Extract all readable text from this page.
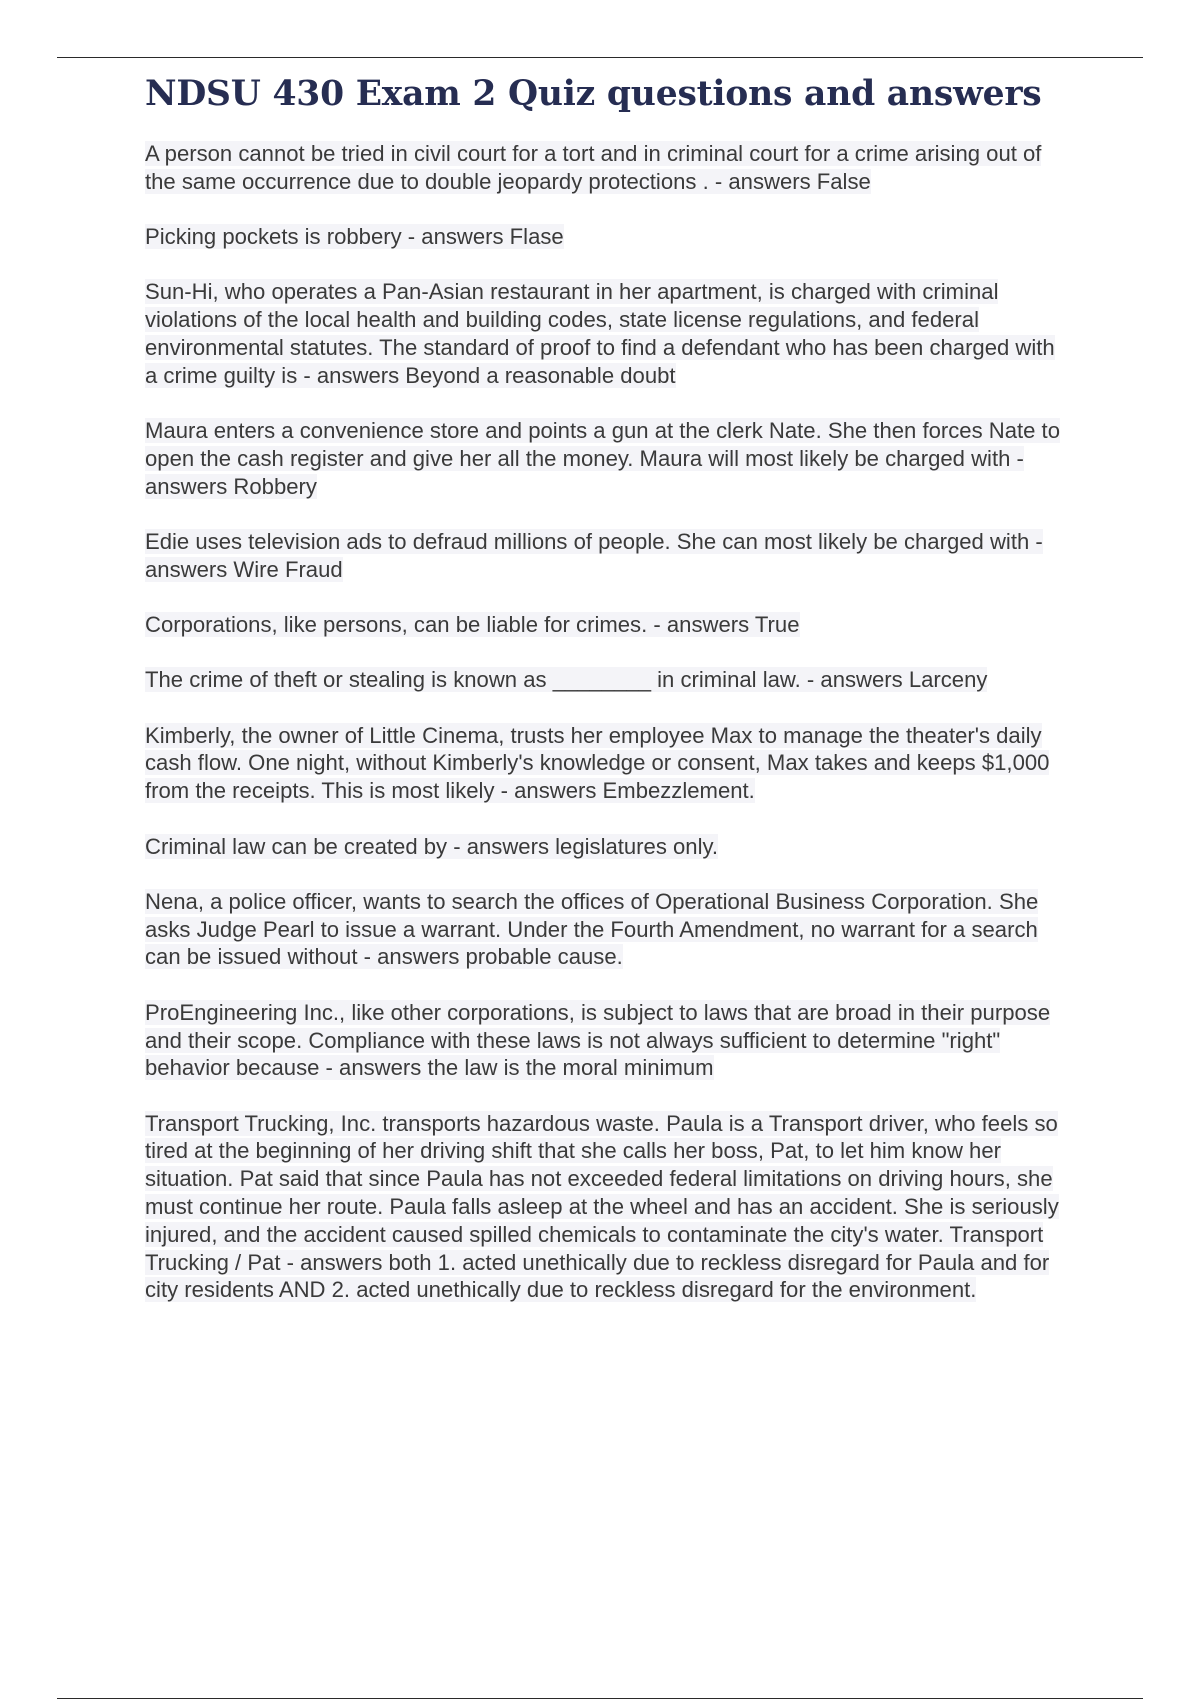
NDSU 430 Exam 2 Quiz questions and answers
A person cannot be tried in civil court for a tort and in criminal court for a crime arising out of the same occurrence due to double jeopardy protections . - answers False
Picking pockets is robbery - answers Flase
Sun-Hi, who operates a Pan-Asian restaurant in her apartment, is charged with criminal violations of the local health and building codes, state license regulations, and federal environmental statutes. The standard of proof to find a defendant who has been charged with a crime guilty is - answers Beyond a reasonable doubt
Maura enters a convenience store and points a gun at the clerk Nate. She then forces Nate to open the cash register and give her all the money. Maura will most likely be charged with - answers Robbery
Edie uses television ads to defraud millions of people. She can most likely be charged with - answers Wire Fraud
Corporations, like persons, can be liable for crimes. - answers True
The crime of theft or stealing is known as ________ in criminal law. - answers Larceny
Kimberly, the owner of Little Cinema, trusts her employee Max to manage the theater's daily cash flow. One night, without Kimberly's knowledge or consent, Max takes and keeps $1,000 from the receipts. This is most likely - answers Embezzlement.
Criminal law can be created by - answers legislatures only.
Nena, a police officer, wants to search the offices of Operational Business Corporation. She asks Judge Pearl to issue a warrant. Under the Fourth Amendment, no warrant for a search can be issued without - answers probable cause.
ProEngineering Inc., like other corporations, is subject to laws that are broad in their purpose and their scope. Compliance with these laws is not always sufficient to determine "right" behavior because - answers the law is the moral minimum
Transport Trucking, Inc. transports hazardous waste. Paula is a Transport driver, who feels so tired at the beginning of her driving shift that she calls her boss, Pat, to let him know her situation. Pat said that since Paula has not exceeded federal limitations on driving hours, she must continue her route. Paula falls asleep at the wheel and has an accident. She is seriously injured, and the accident caused spilled chemicals to contaminate the city's water. Transport Trucking / Pat - answers both 1. acted unethically due to reckless disregard for Paula and for city residents AND 2. acted unethically due to reckless disregard for the environment.
